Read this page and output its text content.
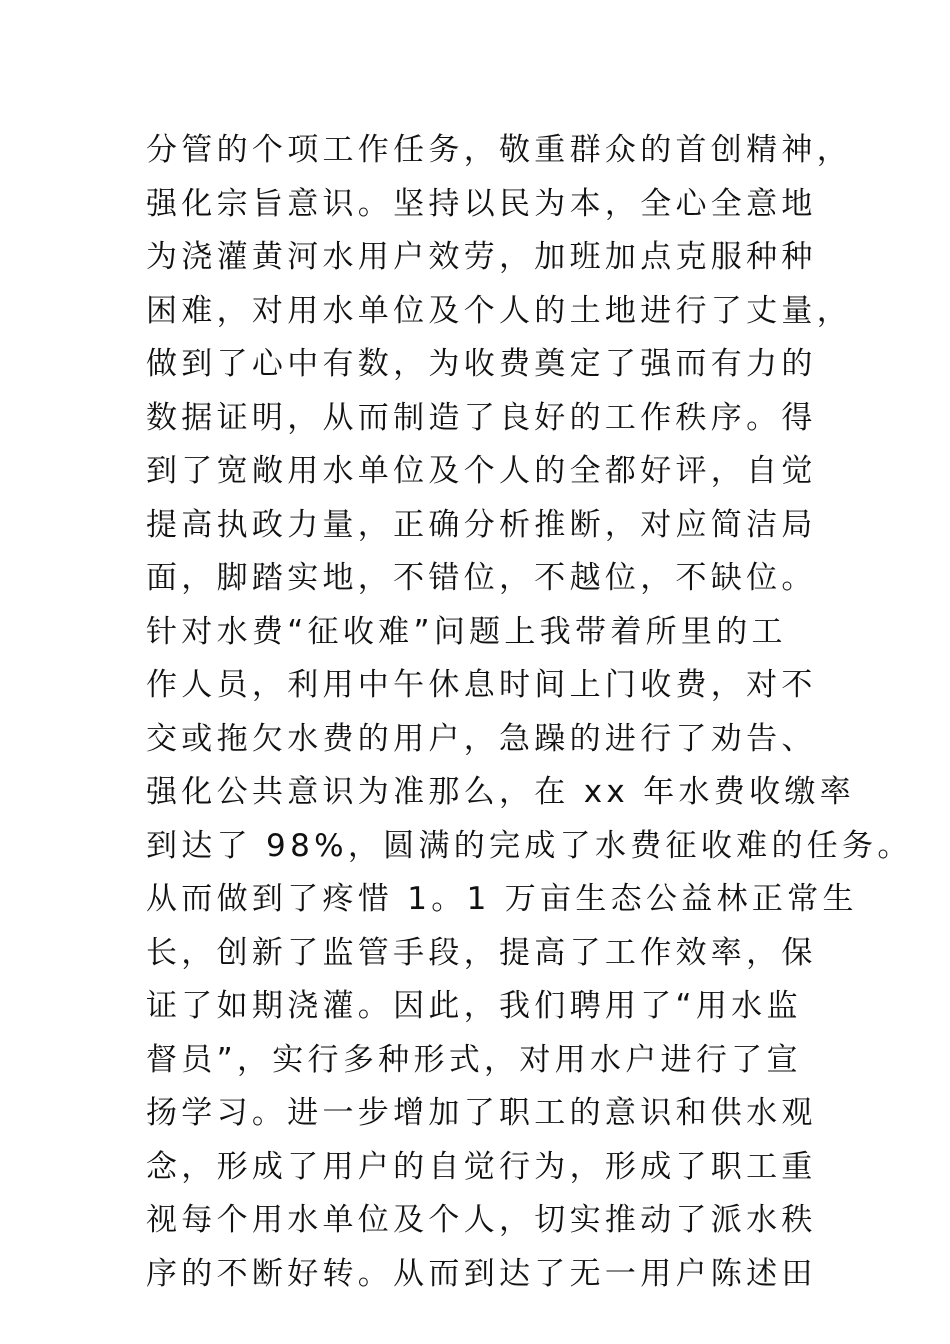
分管的个项工作任务，敬重群众的首创精神，
强化宗旨意识。坚持以民为本，全心全意地
为浇灌黄河水用户效劳，加班加点克服种种
困难，对用水单位及个人的土地进行了丈量，
做到了心中有数，为收费奠定了强而有力的
数据证明，从而制造了良好的工作秩序。得
到了宽敞用水单位及个人的全都好评，自觉
提高执政力量，正确分析推断，对应简洁局
面，脚踏实地，不错位，不越位，不缺位。
针对水费“征收难”问题上我带着所里的工
作人员，利用中午休息时间上门收费，对不
交或拖欠水费的用户，急躁的进行了劝告、
强化公共意识为准那么，在 xx 年水费收缴率
到达了 98%，圆满的完成了水费征收难的任务。
从而做到了疼惜 1。1 万亩生态公益林正常生
长，创新了监管手段，提高了工作效率，保
证了如期浇灌。因此，我们聘用了“用水监
督员”，实行多种形式，对用水户进行了宣
扬学习。进一步增加了职工的意识和供水观
念，形成了用户的自觉行为，形成了职工重
视每个用水单位及个人，切实推动了派水秩
序的不断好转。从而到达了无一用户陈述田
